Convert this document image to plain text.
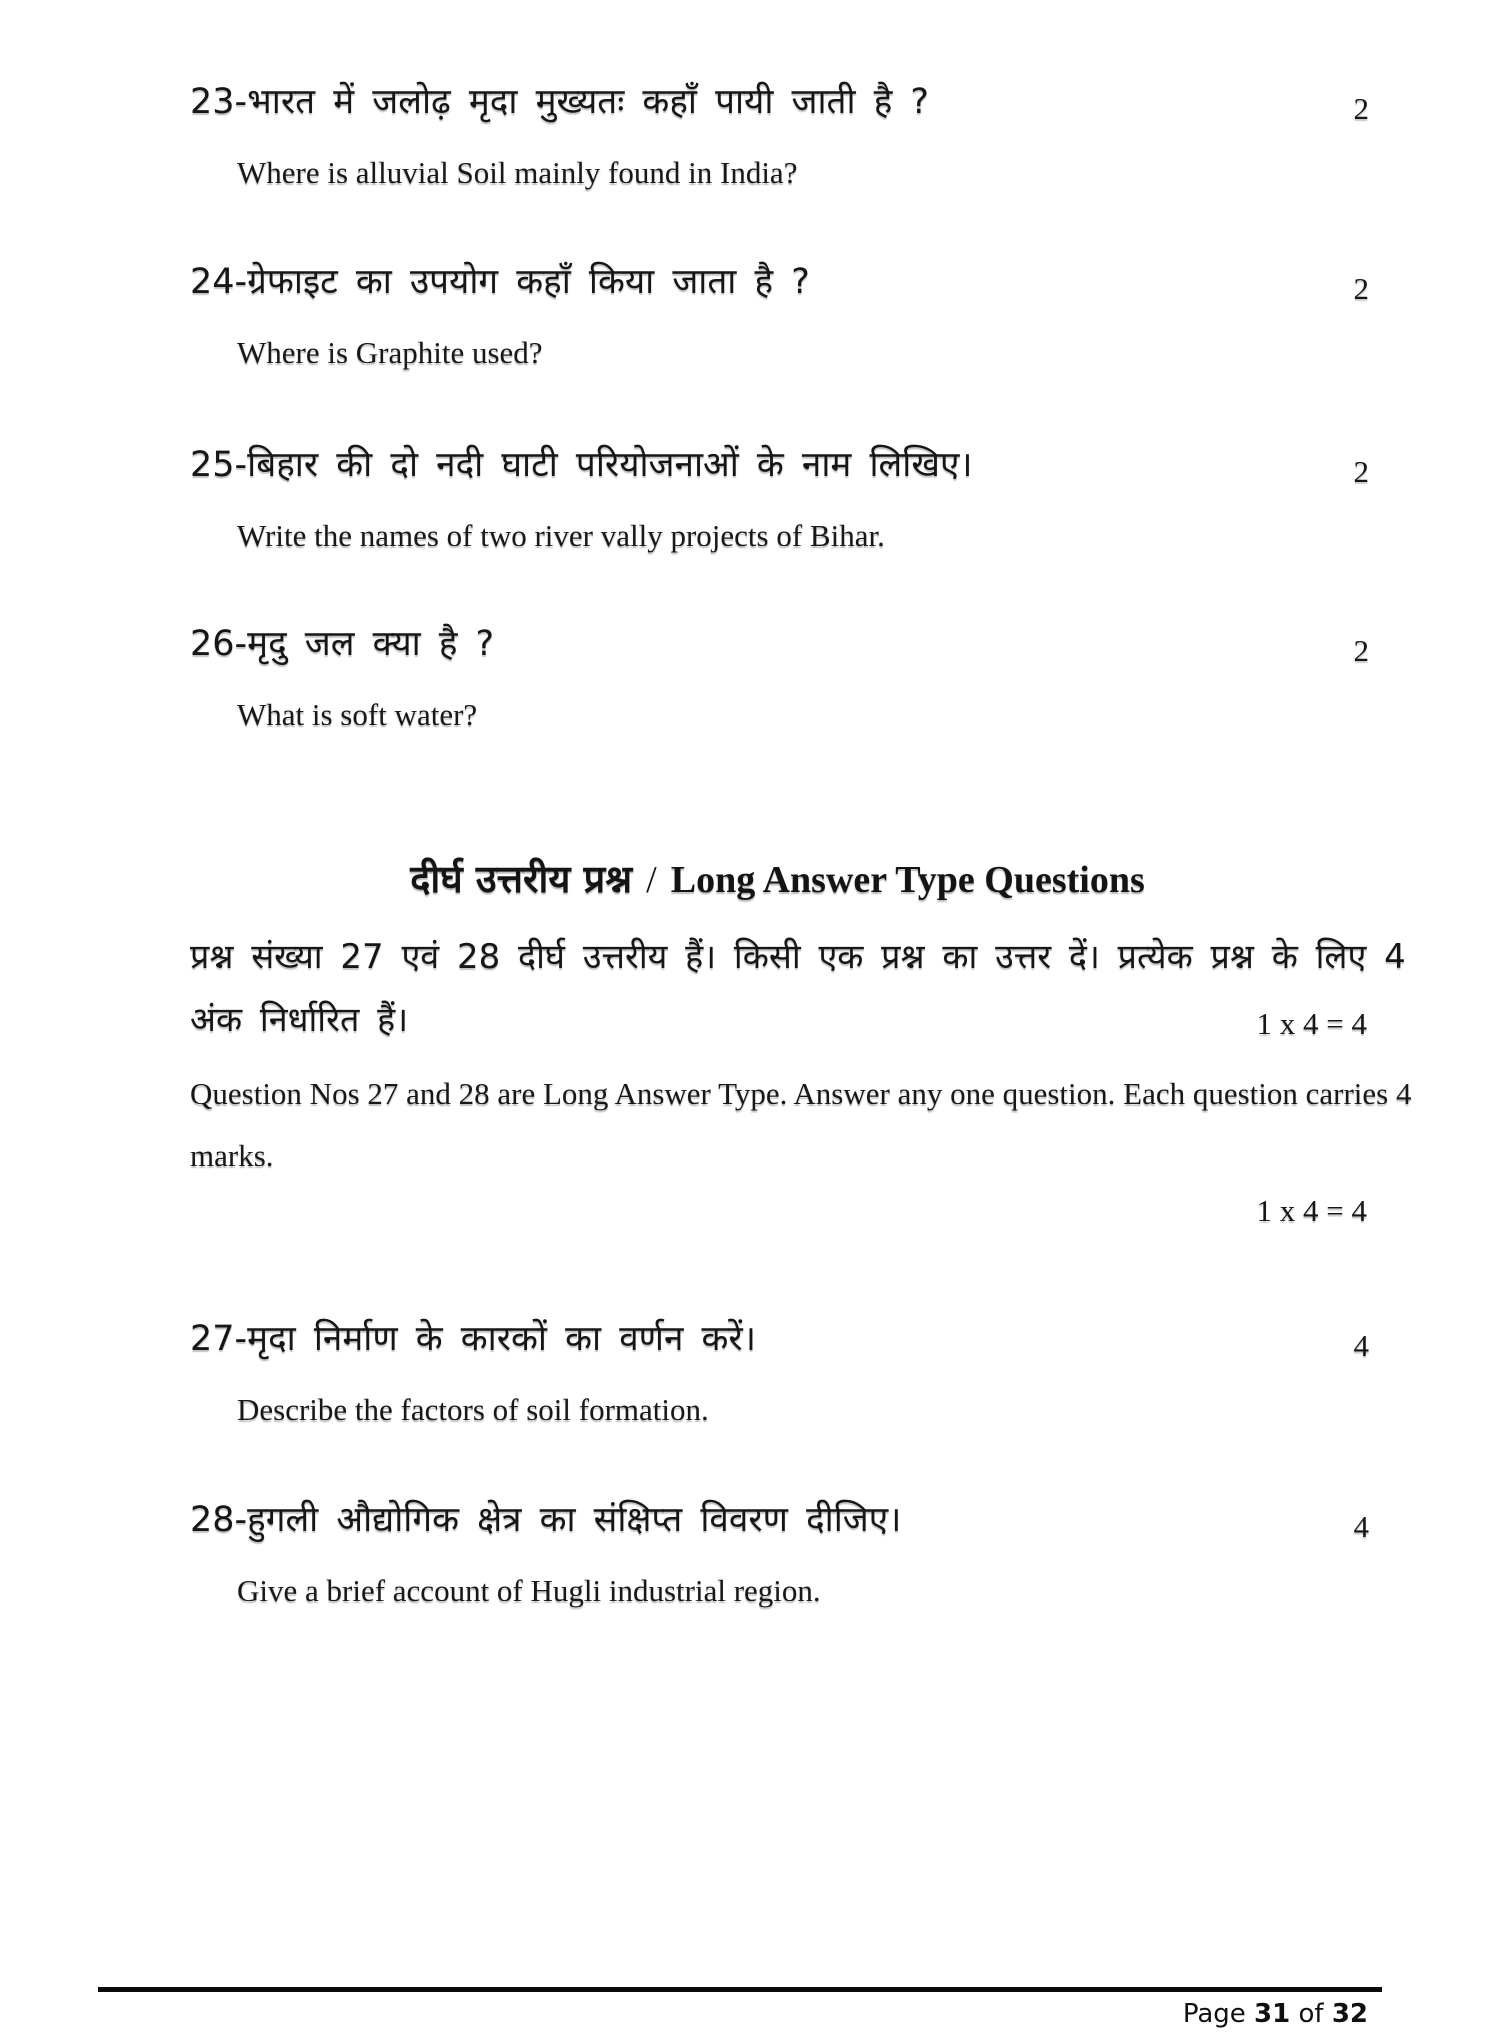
23-भारत में जलोढ़ मृदा मुख्यतः कहाँ पायी जाती है ?	2
Where is alluvial Soil mainly found in India?
24-ग्रेफाइट का उपयोग कहाँ किया जाता है ?	2
Where is Graphite used?
25-बिहार की दो नदी घाटी परियोजनाओं के नाम लिखिए।	2
Write the names of two river vally projects of Bihar.
26-मृदु जल क्या है ?	2
What is soft water?
दीर्घ उत्तरीय प्रश्न / Long Answer Type Questions
प्रश्न संख्या 27 एवं 28 दीर्घ उत्तरीय हैं। किसी एक प्रश्न का उत्तर दें। प्रत्येक प्रश्न के लिए 4
अंक निर्धारित हैं।	1 x 4 = 4
Question Nos 27 and 28 are Long Answer Type. Answer any one question. Each question carries 4
marks.
1 x 4 = 4
27-मृदा निर्माण के कारकों का वर्णन करें।	4
Describe the factors of soil formation.
28-हुगली औद्योगिक क्षेत्र का संक्षिप्त विवरण दीजिए।	4
Give a brief account of Hugli industrial region.
Page 31 of 32
